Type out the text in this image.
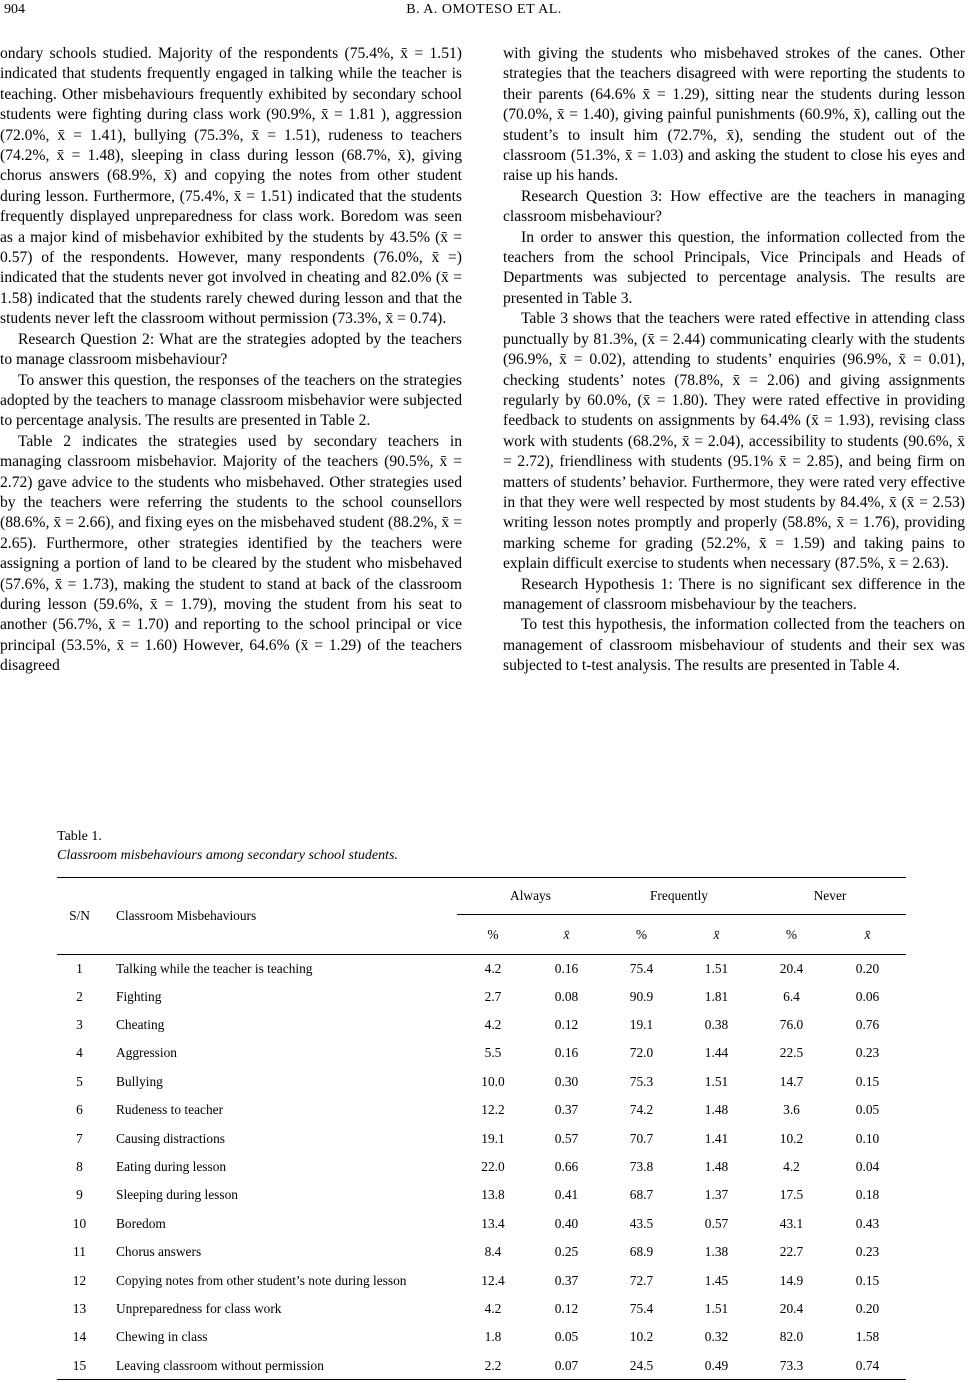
904	B. A. OMOTESO ET AL.

ondary schools studied. Majority of the respondents (75.4%, x̄ = 1.51) indicated that students frequently engaged in talking while the teacher is teaching. Other misbehaviours frequently exhibited by secondary school students were fighting during class work (90.9%, x̄ = 1.81 ), aggression (72.0%, x̄ = 1.41), bullying (75.3%, x̄ = 1.51), rudeness to teachers (74.2%, x̄ = 1.48), sleeping in class during lesson (68.7%, x̄), giving chorus answers (68.9%, x̄) and copying the notes from other student during lesson. Furthermore, (75.4%, x̄ = 1.51) indicated that the students frequently displayed unpreparedness for class work. Boredom was seen as a major kind of misbehavior exhibited by the students by 43.5% (x̄ = 0.57) of the respondents. However, many respondents (76.0%, x̄ =) indicated that the students never got involved in cheating and 82.0% (x̄ = 1.58) indicated that the students rarely chewed during lesson and that the students never left the classroom without permission (73.3%, x̄ = 0.74).

Research Question 2: What are the strategies adopted by the teachers to manage classroom misbehaviour?

To answer this question, the responses of the teachers on the strategies adopted by the teachers to manage classroom misbehavior were subjected to percentage analysis. The results are presented in Table 2.

Table 2 indicates the strategies used by secondary teachers in managing classroom misbehavior. Majority of the teachers (90.5%, x̄ = 2.72) gave advice to the students who misbehaved. Other strategies used by the teachers were referring the students to the school counsellors (88.6%, x̄ = 2.66), and fixing eyes on the misbehaved student (88.2%, x̄ = 2.65). Furthermore, other strategies identified by the teachers were assigning a portion of land to be cleared by the student who misbehaved (57.6%, x̄ = 1.73), making the student to stand at back of the classroom during lesson (59.6%, x̄ = 1.79), moving the student from his seat to another (56.7%, x̄ = 1.70) and reporting to the school principal or vice principal (53.5%, x̄ = 1.60) However, 64.6% (x̄ = 1.29) of the teachers disagreed

with giving the students who misbehaved strokes of the canes. Other strategies that the teachers disagreed with were reporting the students to their parents (64.6% x̄ = 1.29), sitting near the students during lesson (70.0%, x̄ = 1.40), giving painful punishments (60.9%, x̄), calling out the student’s to insult him (72.7%, x̄), sending the student out of the classroom (51.3%, x̄ = 1.03) and asking the student to close his eyes and raise up his hands.

Research Question 3: How effective are the teachers in managing classroom misbehaviour?

In order to answer this question, the information collected from the teachers from the school Principals, Vice Principals and Heads of Departments was subjected to percentage analysis. The results are presented in Table 3.

Table 3 shows that the teachers were rated effective in attending class punctually by 81.3%, (x̄ = 2.44) communicating clearly with the students (96.9%, x̄ = 0.02), attending to students’ enquiries (96.9%, x̄ = 0.01), checking students’ notes (78.8%, x̄ = 2.06) and giving assignments regularly by 60.0%, (x̄ = 1.80). They were rated effective in providing feedback to students on assignments by 64.4% (x̄ = 1.93), revising class work with students (68.2%, x̄ = 2.04), accessibility to students (90.6%, x̄ = 2.72), friendliness with students (95.1% x̄ = 2.85), and being firm on matters of students’ behavior. Furthermore, they were rated very effective in that they were well respected by most students by 84.4%, x̄ (x̄ = 2.53) writing lesson notes promptly and properly (58.8%, x̄ = 1.76), providing marking scheme for grading (52.2%, x̄ = 1.59) and taking pains to explain difficult exercise to students when necessary (87.5%, x̄ = 2.63).

Research Hypothesis 1: There is no significant sex difference in the management of classroom misbehaviour by the teachers.

To test this hypothesis, the information collected from the teachers on management of classroom misbehaviour of students and their sex was subjected to t-test analysis. The results are presented in Table 4.

Table 1.
Classroom misbehaviours among secondary school students.
S/N	Classroom Misbehaviours	Always		Frequently		Never	
		%	x̄	%	x̄	%	x̄
1	Talking while the teacher is teaching	4.2	0.16	75.4	1.51	20.4	0.20
2	Fighting	2.7	0.08	90.9	1.81	6.4	0.06
3	Cheating	4.2	0.12	19.1	0.38	76.0	0.76
4	Aggression	5.5	0.16	72.0	1.44	22.5	0.23
5	Bullying	10.0	0.30	75.3	1.51	14.7	0.15
6	Rudeness to teacher	12.2	0.37	74.2	1.48	3.6	0.05
7	Causing distractions	19.1	0.57	70.7	1.41	10.2	0.10
8	Eating during lesson	22.0	0.66	73.8	1.48	4.2	0.04
9	Sleeping during lesson	13.8	0.41	68.7	1.37	17.5	0.18
10	Boredom	13.4	0.40	43.5	0.57	43.1	0.43
11	Chorus answers	8.4	0.25	68.9	1.38	22.7	0.23
12	Copying notes from other student’s note during lesson	12.4	0.37	72.7	1.45	14.9	0.15
13	Unpreparedness for class work	4.2	0.12	75.4	1.51	20.4	0.20
14	Chewing in class	1.8	0.05	10.2	0.32	82.0	1.58
15	Leaving classroom without permission	2.2	0.07	24.5	0.49	73.3	0.74
